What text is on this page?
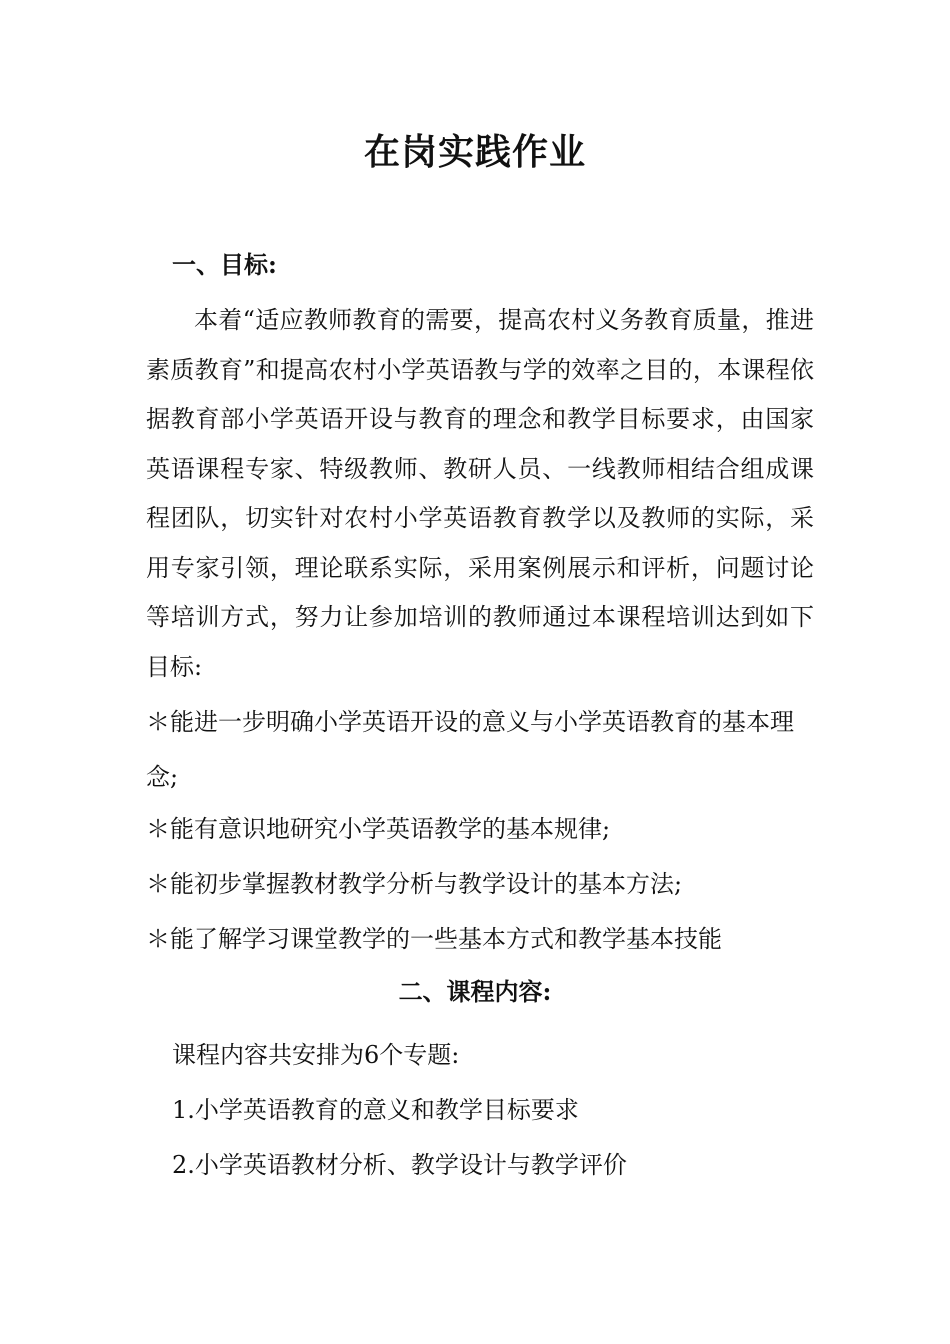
在岗实践作业
一、目标:

本着“适应教师教育的需要，提高农村义务教育质量，推进素质教育”和提高农村小学英语教与学的效率之目的，本课程依据教育部小学英语开设与教育的理念和教学目标要求，由国家英语课程专家、特级教师、教研人员、一线教师相结合组成课程团队，切实针对农村小学英语教育教学以及教师的实际，采用专家引领，理论联系实际，采用案例展示和评析，问题讨论等培训方式，努力让参加培训的教师通过本课程培训达到如下目标:

＊能进一步明确小学英语开设的意义与小学英语教育的基本理念;

＊能有意识地研究小学英语教学的基本规律;

＊能初步掌握教材教学分析与教学设计的基本方法;

＊能了解学习课堂教学的一些基本方式和教学基本技能

二、课程内容:

课程内容共安排为6个专题:

1.小学英语教育的意义和教学目标要求

2.小学英语教材分析、教学设计与教学评价
